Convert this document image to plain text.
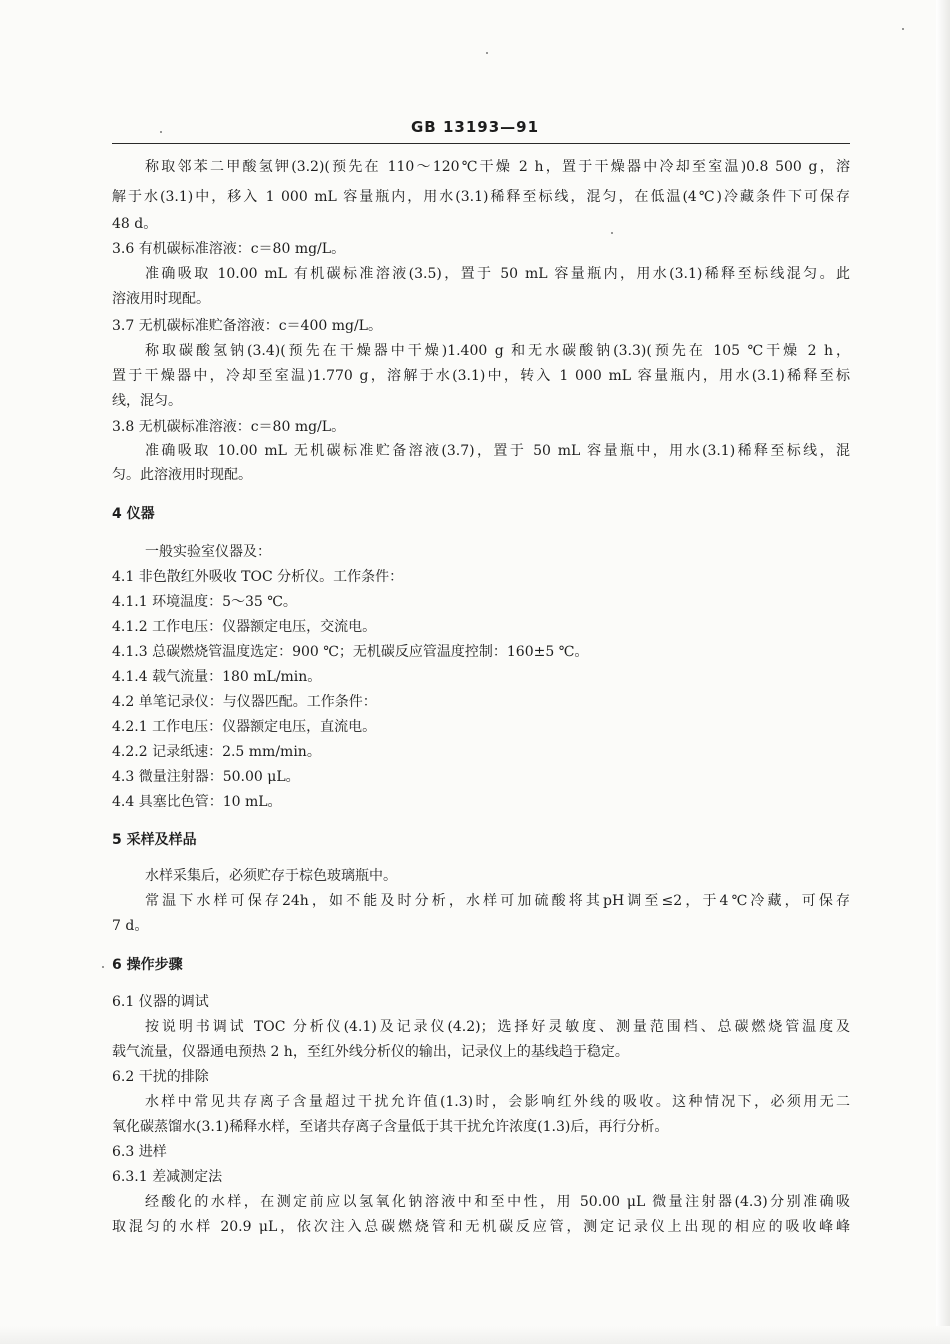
GB 13193—91
称取邻苯二甲酸氢钾(3.2)(预先在 110～120℃干燥 2 h，置于干燥器中冷却至室温)0.8 500 g，溶
解于水(3.1)中，移入 1 000 mL 容量瓶内，用水(3.1)稀释至标线，混匀，在低温(4℃)冷藏条件下可保存
48 d。
3.6 有机碳标准溶液：c＝80 mg/L。
准确吸取 10.00 mL 有机碳标准溶液(3.5)，置于 50 mL 容量瓶内，用水(3.1)稀释至标线混匀。此
溶液用时现配。
3.7 无机碳标准贮备溶液：c＝400 mg/L。
称取碳酸氢钠(3.4)(预先在干燥器中干燥)1.400 g 和无水碳酸钠(3.3)(预先在 105 ℃干燥 2 h，
置于干燥器中，冷却至室温)1.770 g，溶解于水(3.1)中，转入 1 000 mL 容量瓶内，用水(3.1)稀释至标
线，混匀。
3.8 无机碳标准溶液：c＝80 mg/L。
准确吸取 10.00 mL 无机碳标准贮备溶液(3.7)，置于 50 mL 容量瓶中，用水(3.1)稀释至标线，混
匀。此溶液用时现配。
4 仪器
一般实验室仪器及：
4.1 非色散红外吸收 TOC 分析仪。工作条件：
4.1.1 环境温度：5～35 ℃。
4.1.2 工作电压：仪器额定电压，交流电。
4.1.3 总碳燃烧管温度选定：900 ℃；无机碳反应管温度控制：160±5 ℃。
4.1.4 载气流量：180 mL/min。
4.2 单笔记录仪：与仪器匹配。工作条件：
4.2.1 工作电压：仪器额定电压，直流电。
4.2.2 记录纸速：2.5 mm/min。
4.3 微量注射器：50.00 μL。
4.4 具塞比色管：10 mL。
5 采样及样品
水样采集后，必须贮存于棕色玻璃瓶中。
常温下水样可保存24h，如不能及时分析，水样可加硫酸将其pH调至≤2，于4℃冷藏，可保存
7 d。
6 操作步骤
6.1 仪器的调试
按说明书调试 TOC 分析仪(4.1)及记录仪(4.2)；选择好灵敏度、测量范围档、总碳燃烧管温度及
载气流量，仪器通电预热 2 h，至红外线分析仪的输出，记录仪上的基线趋于稳定。
6.2 干扰的排除
水样中常见共存离子含量超过干扰允许值(1.3)时，会影响红外线的吸收。这种情况下，必须用无二
氧化碳蒸馏水(3.1)稀释水样，至诸共存离子含量低于其干扰允许浓度(1.3)后，再行分析。
6.3 进样
6.3.1 差减测定法
经酸化的水样，在测定前应以氢氧化钠溶液中和至中性，用 50.00 μL 微量注射器(4.3)分别准确吸
取混匀的水样 20.9 μL，依次注入总碳燃烧管和无机碳反应管，测定记录仪上出现的相应的吸收峰峰
